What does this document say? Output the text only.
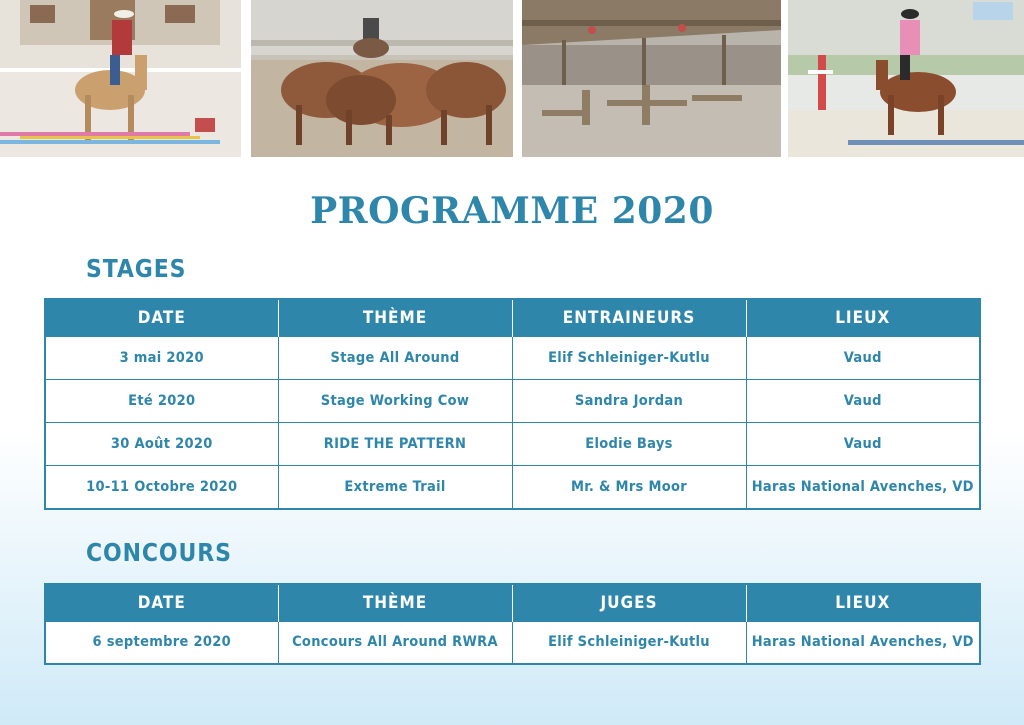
PROGRAMME 2020
STAGES
DATE	THÈME	ENTRAINEURS	LIEUX
3 mai 2020	Stage All Around	Elif Schleiniger-Kutlu	Vaud
Eté 2020	Stage Working Cow	Sandra Jordan	Vaud
30 Août 2020	RIDE THE PATTERN	Elodie Bays	Vaud
10-11 Octobre 2020	Extreme Trail	Mr. & Mrs Moor	Haras National Avenches, VD
CONCOURS
DATE	THÈME	JUGES	LIEUX
6 septembre 2020	Concours All Around RWRA	Elif Schleiniger-Kutlu	Haras National Avenches, VD
